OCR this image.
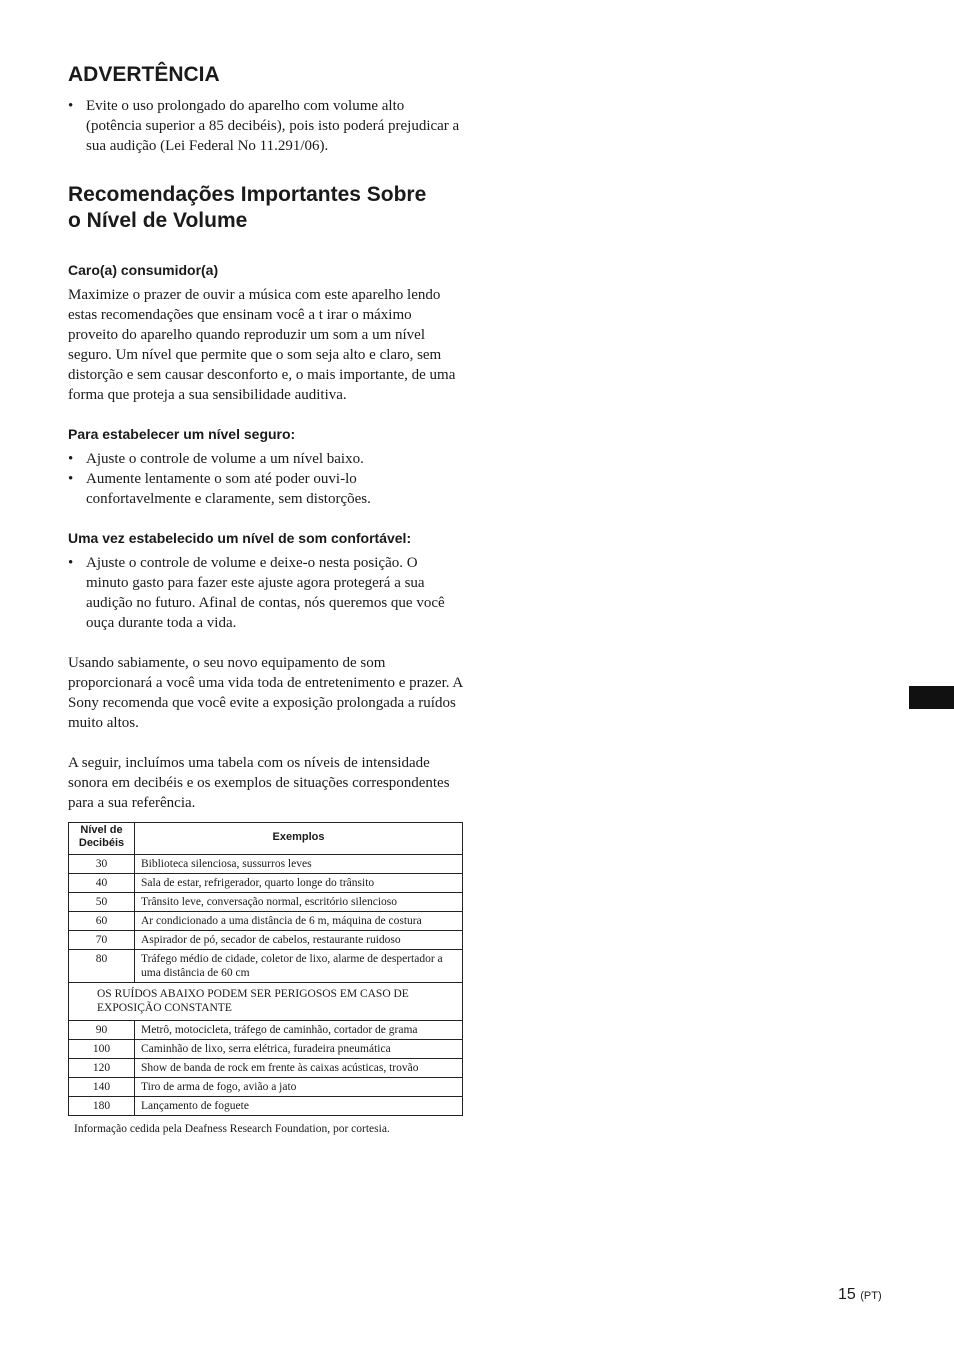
ADVERTÊNCIA
• Evite o uso prolongado do aparelho com volume alto (potência superior a 85 decibéis), pois isto poderá prejudicar a sua audição (Lei Federal No 11.291/06).
Recomendações Importantes Sobre
o Nível de Volume
Caro(a) consumidor(a)

Maximize o prazer de ouvir a música com este aparelho lendo estas recomendações que ensinam você a t irar o máximo proveito do aparelho quando reproduzir um som a um nível seguro. Um nível que permite que o som seja alto e claro, sem distorção e sem causar desconforto e, o mais importante, de uma forma que proteja a sua sensibilidade auditiva.

Para estabelecer um nível seguro:
• Ajuste o controle de volume a um nível baixo.
• Aumente lentamente o som até poder ouvi-lo confortavelmente e claramente, sem distorções.
Uma vez estabelecido um nível de som confortável:
• Ajuste o controle de volume e deixe-o nesta posição. O minuto gasto para fazer este ajuste agora protegerá a sua audição no futuro. Afinal de contas, nós queremos que você ouça durante toda a vida.

Usando sabiamente, o seu novo equipamento de som proporcionará a você uma vida toda de entretenimento e prazer. A Sony recomenda que você evite a exposição prolongada a ruídos muito altos.

A seguir, incluímos uma tabela com os níveis de intensidade sonora em decibéis e os exemplos de situações correspondentes para a sua referência.

Nível de Decibéis	Exemplos
30	Biblioteca silenciosa, sussurros leves
40	Sala de estar, refrigerador, quarto longe do trânsito
50	Trânsito leve, conversação normal, escritório silencioso
60	Ar condicionado a uma distância de 6 m, máquina de costura
70	Aspirador de pó, secador de cabelos, restaurante ruidoso
80	Tráfego médio de cidade, coletor de lixo, alarme de despertador a uma distância de 60 cm
OS RUÍDOS ABAIXO PODEM SER PERIGOSOS EM CASO DE EXPOSIÇÃO CONSTANTE	
90	Metrô, motocicleta, tráfego de caminhão, cortador de grama
100	Caminhão de lixo, serra elétrica, furadeira pneumática
120	Show de banda de rock em frente às caixas acústicas, trovão
140	Tiro de arma de fogo, avião a jato
180	Lançamento de foguete
Informação cedida pela Deafness Research Foundation, por cortesia.
15 (PT)
